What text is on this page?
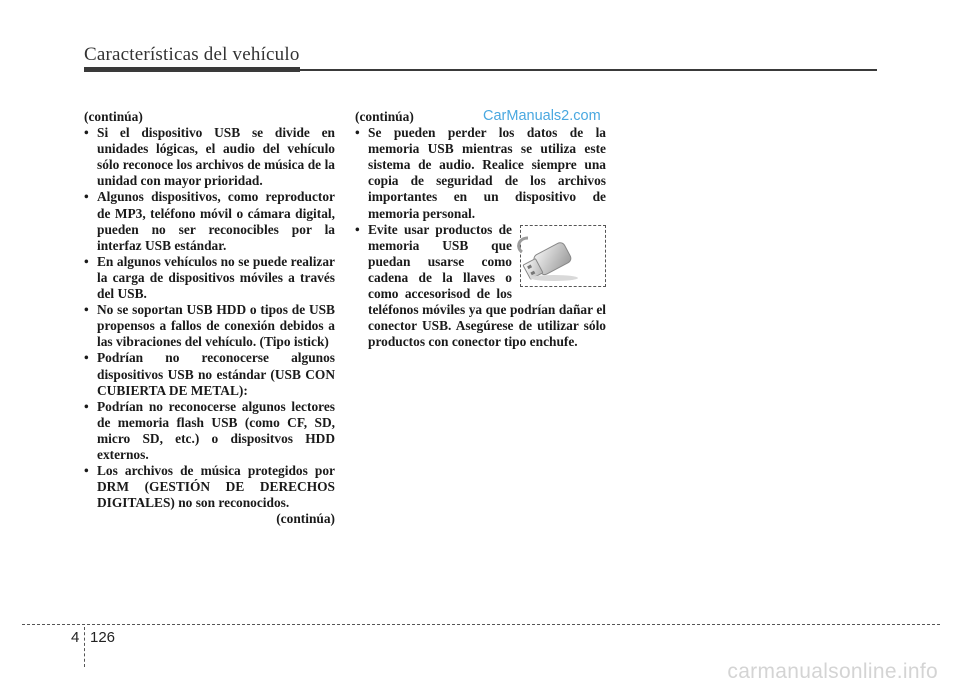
Características del vehículo
CarManuals2.com

(continúa)

• Si el dispositivo USB se divide en unidades lógicas, el audio del vehículo sólo reconoce los archivos de música de la unidad con mayor prioridad.
• Algunos dispositivos, como reproductor de MP3, teléfono móvil o cámara digital, pueden no ser reconocibles por la interfaz USB estándar.
• En algunos vehículos no se puede realizar la carga de dispositivos móviles a través del USB.
• No se soportan USB HDD o tipos de USB propensos a fallos de conexión debidos a las vibraciones del vehículo. (Tipo istick)
• Podrían no reconocerse algunos dispositivos USB no estándar (USB CON CUBIERTA DE METAL):
• Podrían no reconocerse algunos lectores de memoria flash USB (como CF, SD, micro SD, etc.) o dispositvos HDD externos.
• Los archivos de música protegidos por DRM (GESTIÓN DE DERECHOS DIGITALES) no son reconocidos.

(continúa)

(continúa)

• Se pueden perder los datos de la memoria USB mientras se utiliza este sistema de audio. Realice siempre una copia de seguridad de los archivos importantes en un dispositivo de memoria personal.
• Evite usar productos de memoria USB que puedan usarse como cadena de la llaves o como accesorisod de los teléfonos móviles ya que podrían dañar el conector USB. Asegúrese de utilizar sólo productos con conector tipo enchufe.
4 126
carmanualsonline.info
